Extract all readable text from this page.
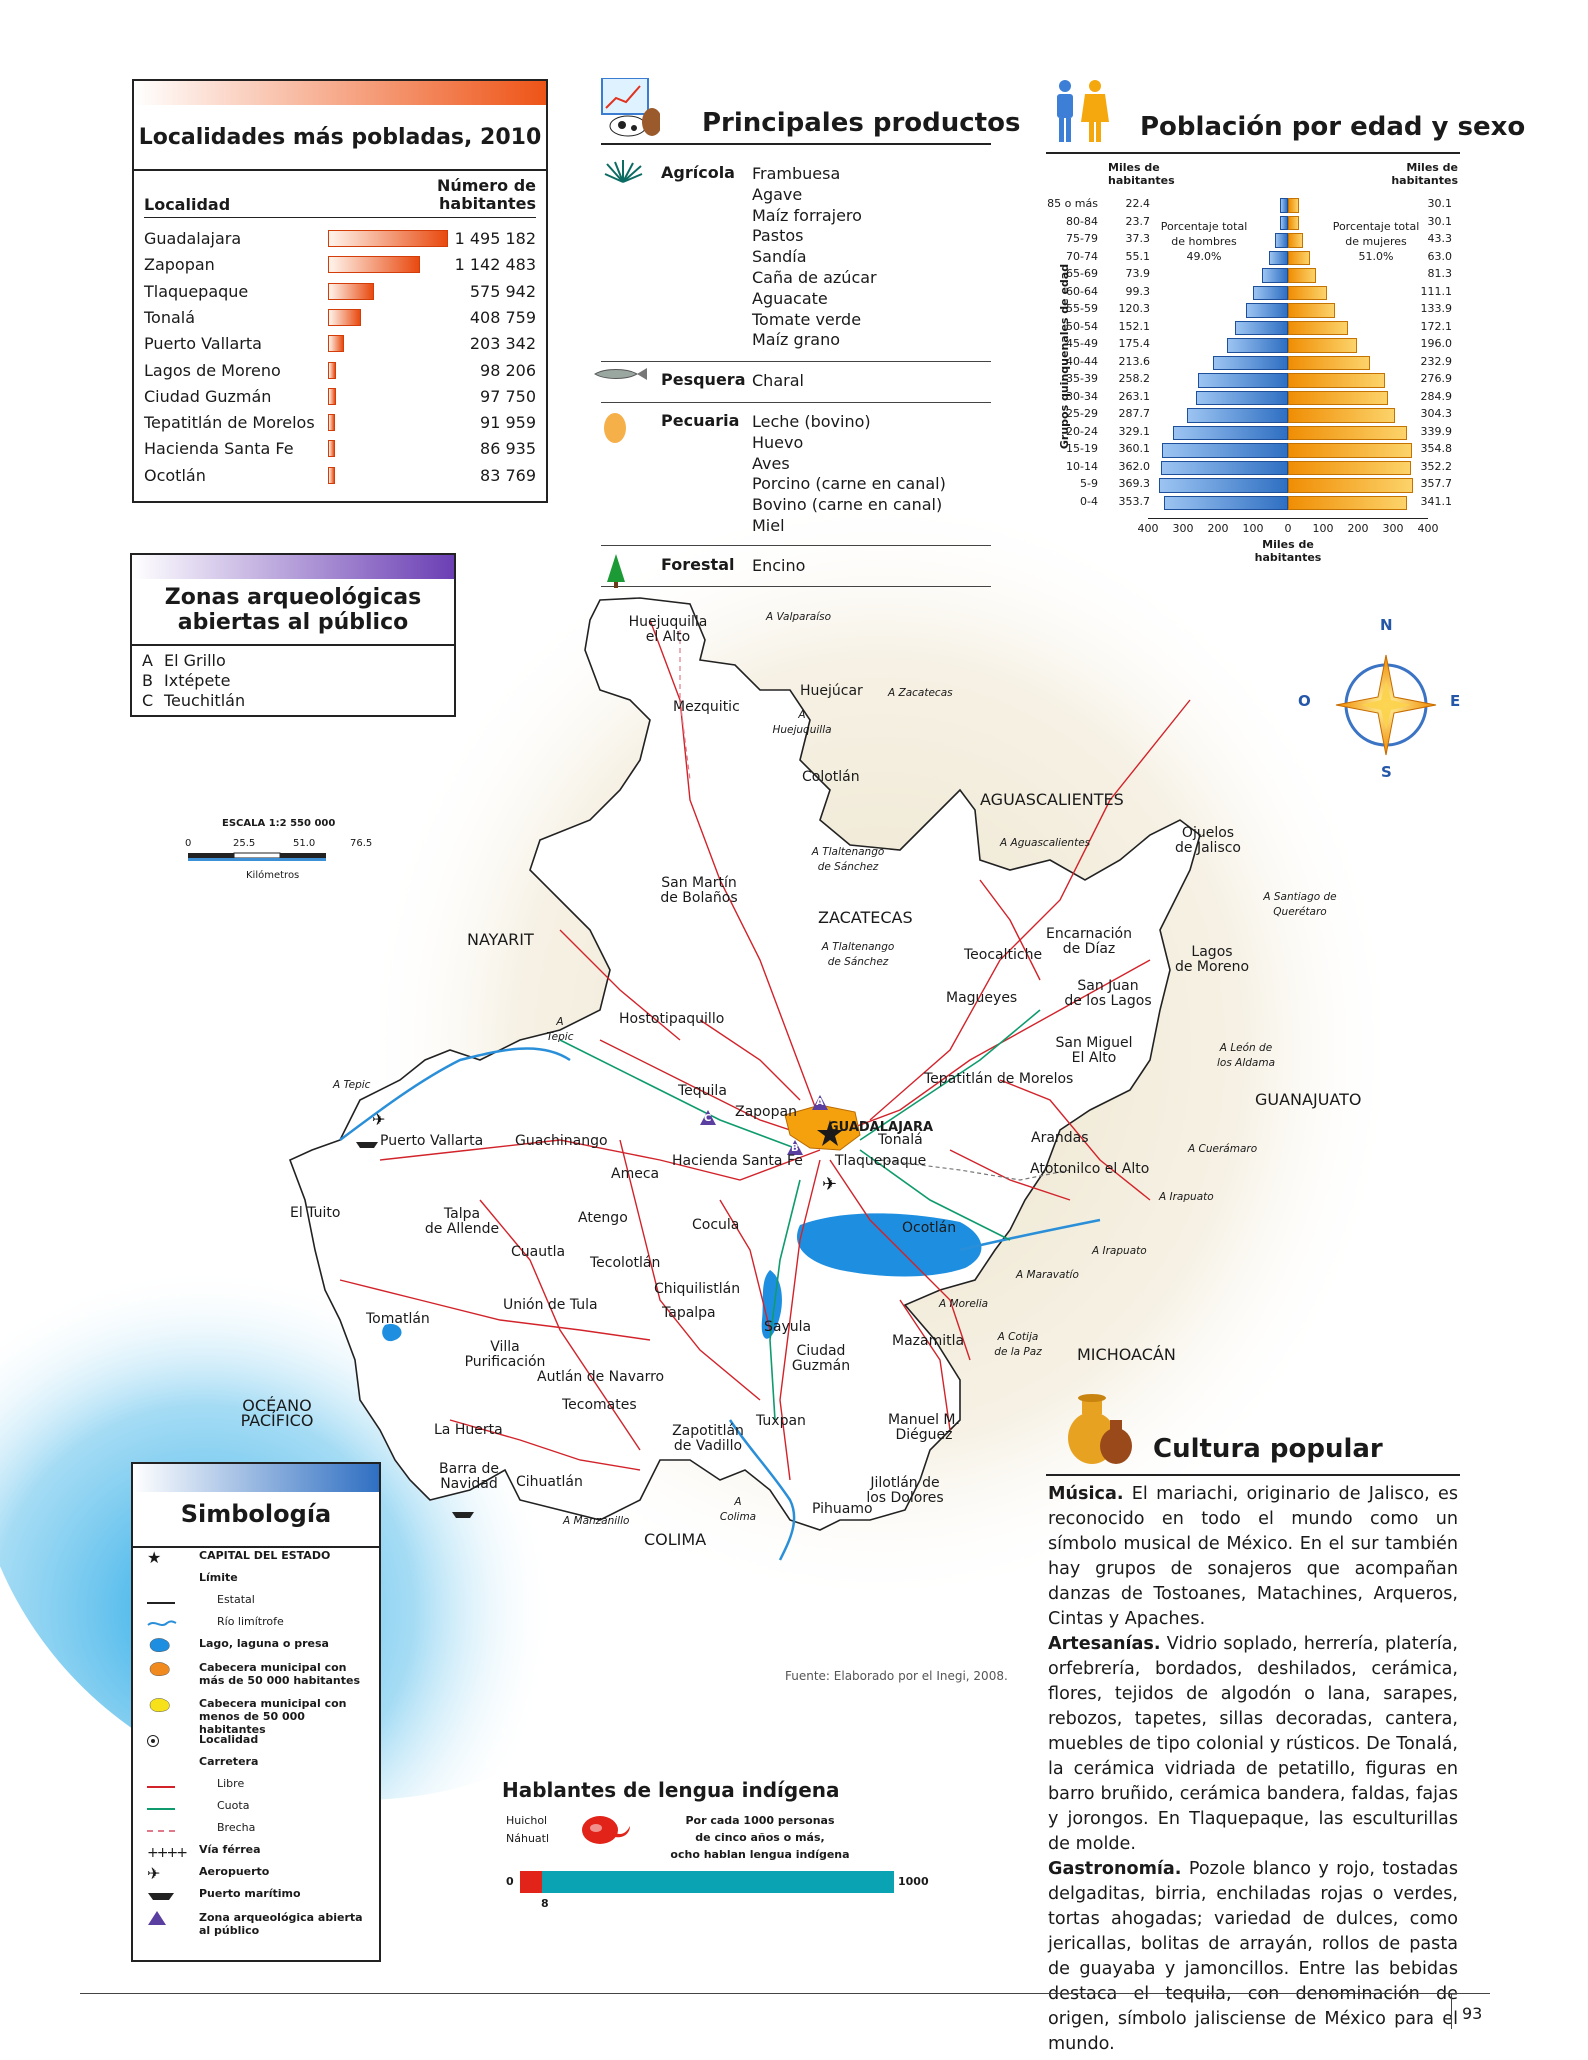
✈
✈
NAYARIT
ZACATECAS
AGUASCALIENTES
GUANAJUATO
MICHOACÁN
COLIMA
OCÉANO
PACÍFICO
GUADALAJARA
Huejuquilla
el Alto
Huejúcar
Mezquitic
Colotlán
San Martín
de Bolaños
Ojuelos
de Jalisco
Encarnación
de Díaz
Teocaltiche	Lagos
de Moreno
San Juan
de los Lagos
Magueyes
San Miguel
El Alto
Hostotipaquillo
Tequila
Zapopan
Tonalá
Tlaquepaque
Hacienda Santa Fe
Tepatitlán de Morelos
Arandas
Atotonilco el Alto
Ocotlán
Puerto Vallarta Guachinango
Ameca
El Tuito	Talpa
de Allende
Atengo	Cocula
Cuautla
Tecolotlán
Tomatlán
Unión de Tula
Chiquilistlán
Tapalpa
Sayula
Villa
Purificación
Autlán de Navarro
Ciudad
Guzmán
Mazamitla
Tecomates
La Huerta	Zapotitlán
de Vadillo
Tuxpan	Manuel M.
Diéguez
Barra de
Navidad Cihuatlán	Jilotlán de
los Dolores
Pihuamo
A Valparaíso
A Zacatecas
A
Huejuquilla
A Tlaltenango
de Sánchez
A Tlaltenango
de Sánchez
A Aguascalientes
A Santiago de
Querétaro
A
Tepic
A León de
los Aldama
A Tepic
A Cuerámaro
A Irapuato
A Irapuato
A Maravatío
A Morelia
A Cotija
de la Paz
A Manzanillo
A
Colima
A
B
C
N
S
E
O
ESCALA 1:2 550 000
0	25.5	51.0	76.5
Kilómetros
Fuente: Elaborado por el Inegi, 2008.
Localidades más pobladas, 2010
Localidad
Número de habitantes
Guadalajara	1 495 182
Zapopan	1 142 483
Tlaquepaque	575 942
Tonalá	408 759
Puerto Vallarta	203 342
Lagos de Moreno	98 206
Ciudad Guzmán	97 750
Tepatitlán de Morelos	91 959
Hacienda Santa Fe	86 935
Ocotlán	83 769
Zonas arqueológicas abiertas al público
A El Grillo
B Ixtépete
C Teuchitlán
Principales productos
Agrícola Frambuesa
Agave
Maíz forrajero
Pastos
Sandía
Caña de azúcar
Aguacate
Tomate verde
Maíz grano
Pesquera Charal
Pecuaria Leche (bovino)
Huevo
Aves
Porcino (carne en canal)
Bovino (carne en canal)
Miel
Forestal Encino
Población por edad y sexo
Miles de habitantes
Miles de habitantes
85 o más	22.4	30.1
80-84	23.7	30.1
75-79	37.3	43.3
70-74	55.1	63.0
65-69	73.9	81.3
60-64	99.3	111.1
55-59	120.3	133.9
50-54	152.1	172.1
45-49	175.4	196.0
40-44	213.6	232.9
35-39	258.2	276.9
30-34	263.1	284.9
25-29	287.7	304.3
20-24	329.1	339.9
15-19	360.1	354.8
10-14	362.0	352.2
5-9	369.3	357.7
0-4	353.7	341.1
400 300 200 100	0	100 200 300 400
Miles de habitantes
Grupos quinquenales de edad
Porcentaje total
de hombres
49.0%
Porcentaje total
de mujeres
51.0%
Simbología
★	CAPITAL DEL ESTADO
Límite
Estatal
Río limítrofe
Lago, laguna o presa
Cabecera municipal con más de 50 000 habitantes
Cabecera municipal con menos de 50 000 habitantes
Localidad
Carretera
Libre
Cuota
Brecha
++++ Vía férrea
✈	Aeropuerto
Puerto marítimo
Zona arqueológica abierta al público
Hablantes de lengua indígena
Huichol
Náhuatl
Por cada 1000 personas
de cinco años o más,
ocho hablan lengua indígena
0	1000
8
Cultura popular

Música. El mariachi, originario de Jalisco, es reconocido en todo el mundo como un símbolo musical de México. En el sur también hay grupos de sonajeros que acompañan danzas de Tostoanes, Matachines, Arqueros, Cintas y Apaches.

Artesanías. Vidrio soplado, herrería, platería, orfebrería, bordados, deshilados, cerámica, flores, tejidos de algodón o lana, sarapes, rebozos, tapetes, sillas decoradas, cantera, muebles de tipo colonial y rústicos. De Tonalá, la cerámica vidriada de petatillo, figuras en barro bruñido, cerámica bandera, faldas, fajas y jorongos. En Tlaquepaque, las esculturillas de molde.

Gastronomía. Pozole blanco y rojo, tostadas delgaditas, birria, enchiladas rojas o verdes, tortas ahogadas; variedad de dulces, como jericallas, bolitas de arrayán, rollos de pasta de guayaba y jamoncillos. Entre las bebidas destaca el tequila, con denominación de origen, símbolo jalisciense de México para el mundo.

93
